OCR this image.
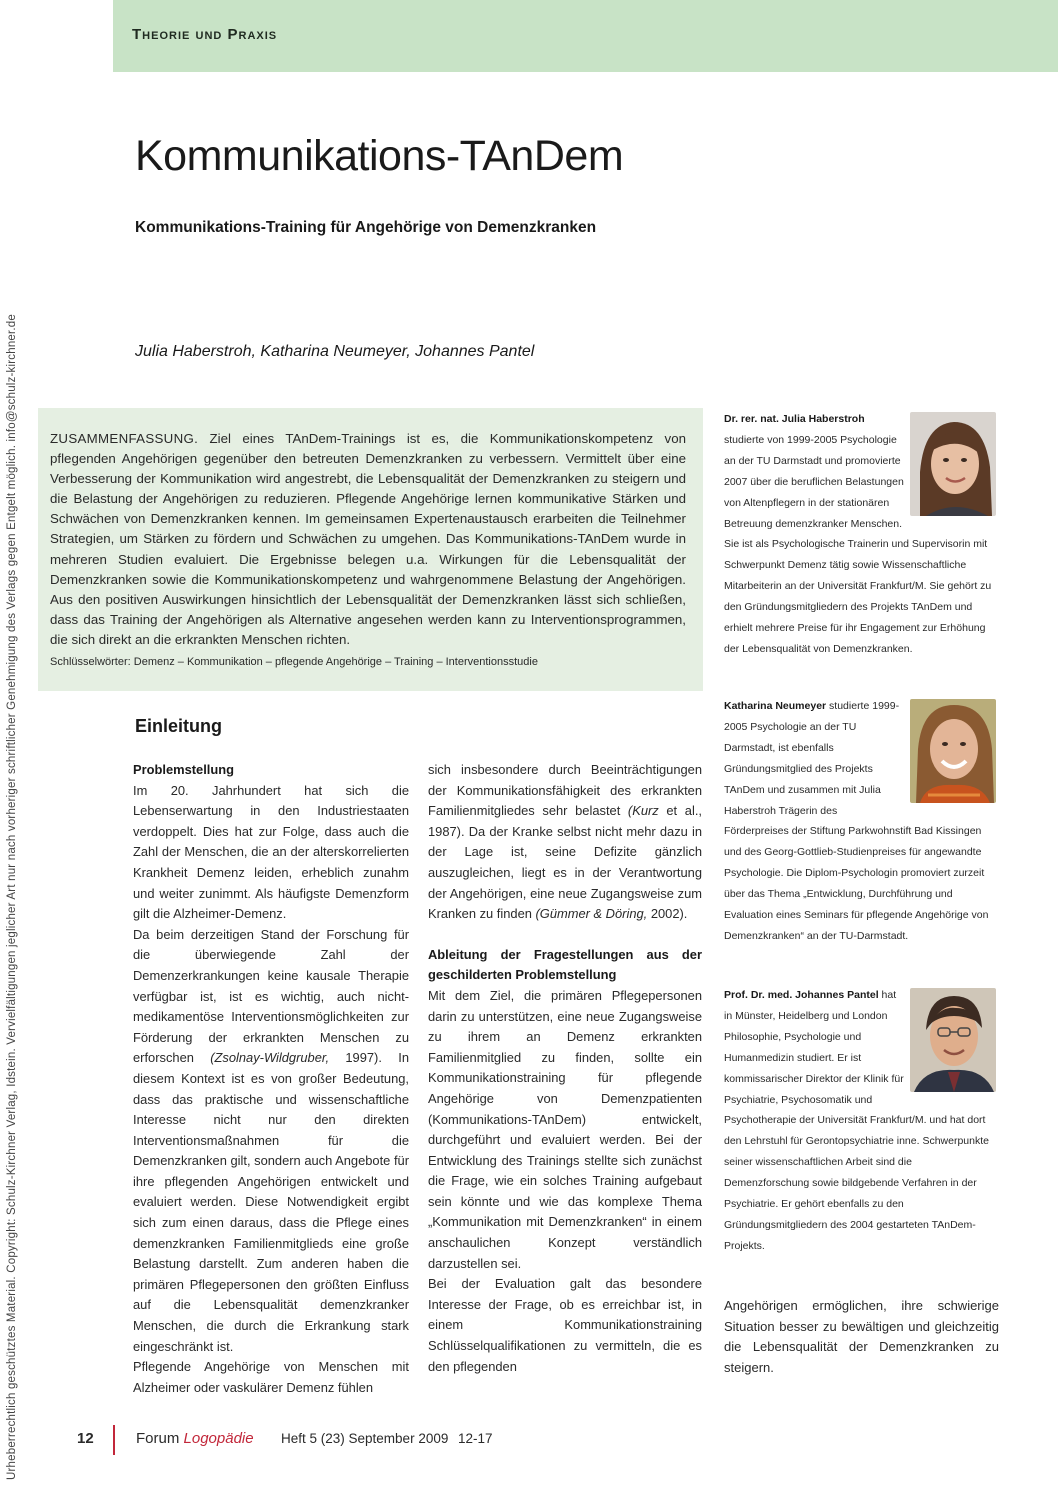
Theorie und Praxis
Urheberrechtlich geschütztes Material. Copyright: Schulz-Kirchner Verlag, Idstein. Vervielfältigungen jeglicher Art nur nach vorheriger schriftlicher Genehmigung des Verlags gegen Entgelt möglich. info@schulz-kirchner.de
Kommunikations-TAnDem
Kommunikations-Training für Angehörige von Demenzkranken
Julia Haberstroh, Katharina Neumeyer, Johannes Pantel
ZUSAMMENFASSUNG. Ziel eines TAnDem-Trainings ist es, die Kommunikationskompetenz von pflegenden Angehörigen gegenüber den betreuten Demenzkranken zu verbessern. Vermittelt über eine Verbesserung der Kommunikation wird angestrebt, die Lebensqualität der Demenzkranken zu steigern und die Belastung der Angehörigen zu reduzieren. Pflegende Angehörige lernen kommunikative Stärken und Schwächen von Demenzkranken kennen. Im gemeinsamen Expertenaustausch erarbeiten die Teilnehmer Strategien, um Stärken zu fördern und Schwächen zu umgehen. Das Kommunikations-TAnDem wurde in mehreren Studien evaluiert. Die Ergebnisse belegen u.a. Wirkungen für die Lebensqualität der Demenzkranken sowie die Kommunikationskompetenz und wahrgenommene Belastung der Angehörigen. Aus den positiven Auswirkungen hinsichtlich der Lebensqualität der Demenzkranken lässt sich schließen, dass das Training der Angehörigen als Alternative angesehen werden kann zu Interventionsprogrammen, die sich direkt an die erkrankten Menschen richten.
Schlüsselwörter: Demenz – Kommunikation – pflegende Angehörige – Training – Interventionsstudie
Einleitung

Problemstellung

Im 20. Jahrhundert hat sich die Lebenserwartung in den Industriestaaten verdoppelt. Dies hat zur Folge, dass auch die Zahl der Menschen, die an der alterskorrelierten Krankheit Demenz leiden, erheblich zunahm und weiter zunimmt. Als häufigste Demenzform gilt die Alzheimer-Demenz.

Da beim derzeitigen Stand der Forschung für die überwiegende Zahl der Demenzerkrankungen keine kausale Therapie verfügbar ist, ist es wichtig, auch nicht-medikamentöse Interventionsmöglichkeiten zur Förderung der erkrankten Menschen zu erforschen (Zsolnay-Wildgruber, 1997). In diesem Kontext ist es von großer Bedeutung, dass das praktische und wissenschaftliche Interesse nicht nur den direkten Interventionsmaßnahmen für die Demenzkranken gilt, sondern auch Angebote für ihre pflegenden Angehörigen entwickelt und evaluiert werden. Diese Notwendigkeit ergibt sich zum einen daraus, dass die Pflege eines demenzkranken Familienmitglieds eine große Belastung darstellt. Zum anderen haben die primären Pflegepersonen den größten Einfluss auf die Lebensqualität demenzkranker Menschen, die durch die Erkrankung stark eingeschränkt ist.

Pflegende Angehörige von Menschen mit Alzheimer oder vaskulärer Demenz fühlen

sich insbesondere durch Beeinträchtigungen der Kommunikationsfähigkeit des erkrankten Familienmitgliedes sehr belastet (Kurz et al., 1987). Da der Kranke selbst nicht mehr dazu in der Lage ist, seine Defizite gänzlich auszugleichen, liegt es in der Verantwortung der Angehörigen, eine neue Zugangsweise zum Kranken zu finden (Gümmer & Döring, 2002).

Ableitung der Fragestellungen aus der geschilderten Problemstellung

Mit dem Ziel, die primären Pflegepersonen darin zu unterstützen, eine neue Zugangsweise zu ihrem an Demenz erkrankten Familienmitglied zu finden, sollte ein Kommunikationstraining für pflegende Angehörige von Demenzpatienten (Kommunikations-TAnDem) entwickelt, durchgeführt und evaluiert werden. Bei der Entwicklung des Trainings stellte sich zunächst die Frage, wie ein solches Training aufgebaut sein könnte und wie das komplexe Thema „Kommunikation mit Demenzkranken“ in einem anschaulichen Konzept verständlich darzustellen sei.

Bei der Evaluation galt das besondere Interesse der Frage, ob es erreichbar ist, in einem Kommunikationstraining Schlüsselqualifikationen zu vermitteln, die es den pflegenden

Dr. rer. nat. Julia Haberstroh studierte von 1999-2005 Psychologie an der TU Darmstadt und promovierte 2007 über die beruflichen Belastungen von Altenpflegern in der stationären Betreuung demenzkranker Menschen. Sie ist als Psychologische Trainerin und Supervisorin mit Schwerpunkt Demenz tätig sowie Wissenschaftliche Mitarbeiterin an der Universität Frankfurt/M. Sie gehört zu den Gründungsmitgliedern des Projekts TAnDem und erhielt mehrere Preise für ihr Engagement zur Erhöhung der Lebensqualität von Demenzkranken.
Katharina Neumeyer studierte 1999-2005 Psychologie an der TU Darmstadt, ist ebenfalls Gründungsmitglied des Projekts TAnDem und zusammen mit Julia Haberstroh Trägerin des Förderpreises der Stiftung Parkwohnstift Bad Kissingen und des Georg-Gottlieb-Studienpreises für angewandte Psychologie. Die Diplom-Psychologin promoviert zurzeit über das Thema „Entwicklung, Durchführung und Evaluation eines Seminars für pflegende Angehörige von Demenzkranken“ an der TU-Darmstadt.
Prof. Dr. med. Johannes Pantel hat in Münster, Heidelberg und London Philosophie, Psychologie und Humanmedizin studiert. Er ist kommissarischer Direktor der Klinik für Psychiatrie, Psychosomatik und Psychotherapie der Universität Frankfurt/M. und hat dort den Lehrstuhl für Gerontopsychiatrie inne. Schwerpunkte seiner wissenschaftlichen Arbeit sind die Demenzforschung sowie bildgebende Verfahren in der Psychiatrie. Er gehört ebenfalls zu den Gründungsmitgliedern des 2004 gestarteten TAnDem-Projekts.
Angehörigen ermöglichen, ihre schwierige Situation besser zu bewältigen und gleichzeitig die Lebensqualität der Demenzkranken zu steigern.
12	Forum Logopädie Heft 5 (23) September 2009 12-17
